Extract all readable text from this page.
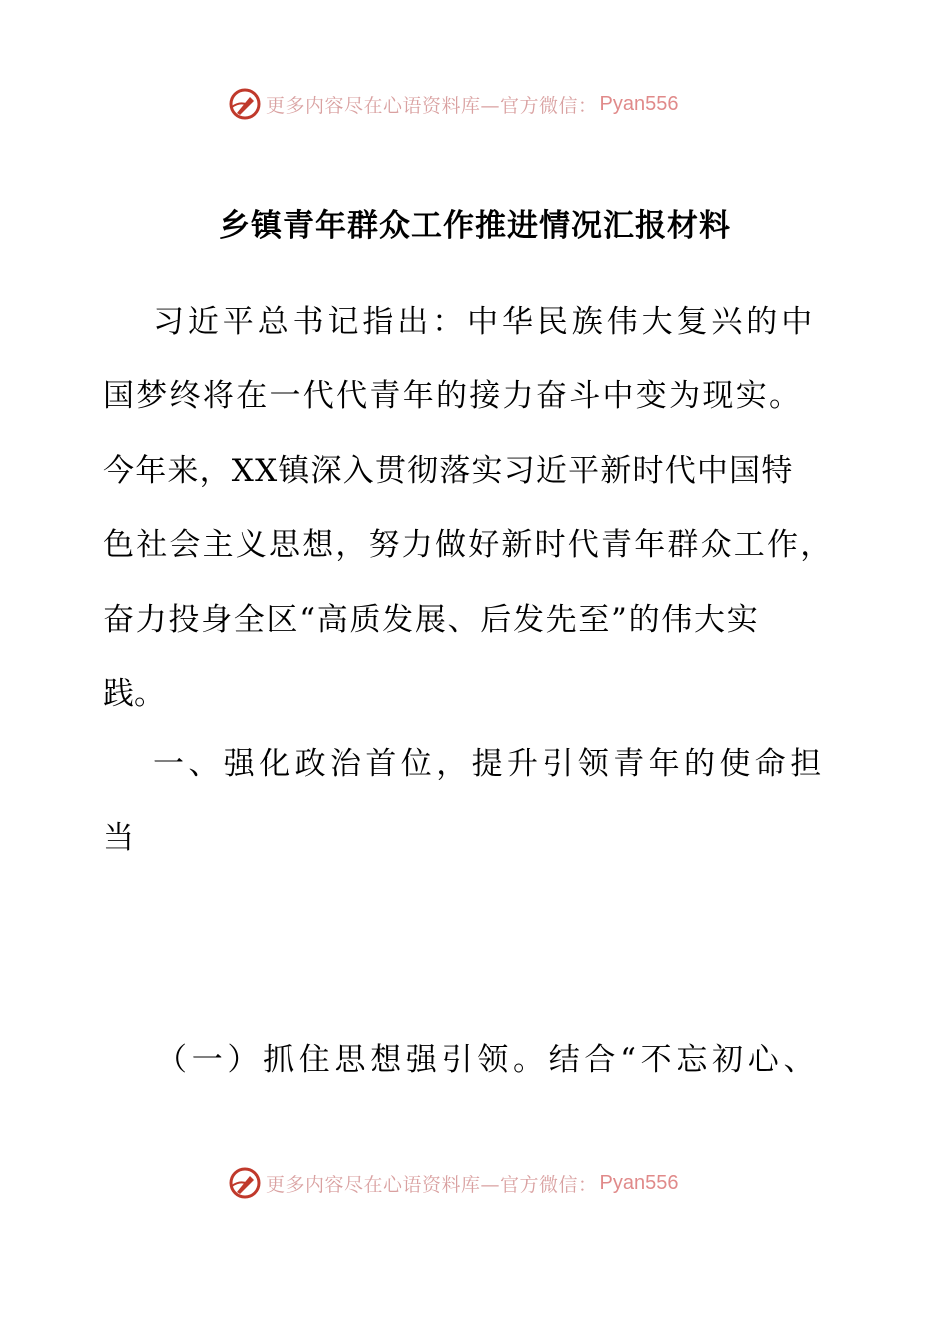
更多内容尽在心语资料库—官方微信： Pyan556
乡镇青年群众工作推进情况汇报材料
习近平总书记指出：中华民族伟大复兴的中
国梦终将在一代代青年的接力奋斗中变为现实。
今年来，XX镇深入贯彻落实习近平新时代中国特
色社会主义思想，努力做好新时代青年群众工作，
奋力投身全区“高质发展、后发先至”的伟大实
践。
一、强化政治首位，提升引领青年的使命担
当
（一）抓住思想强引领。结合“不忘初心、
更多内容尽在心语资料库—官方微信： Pyan556
